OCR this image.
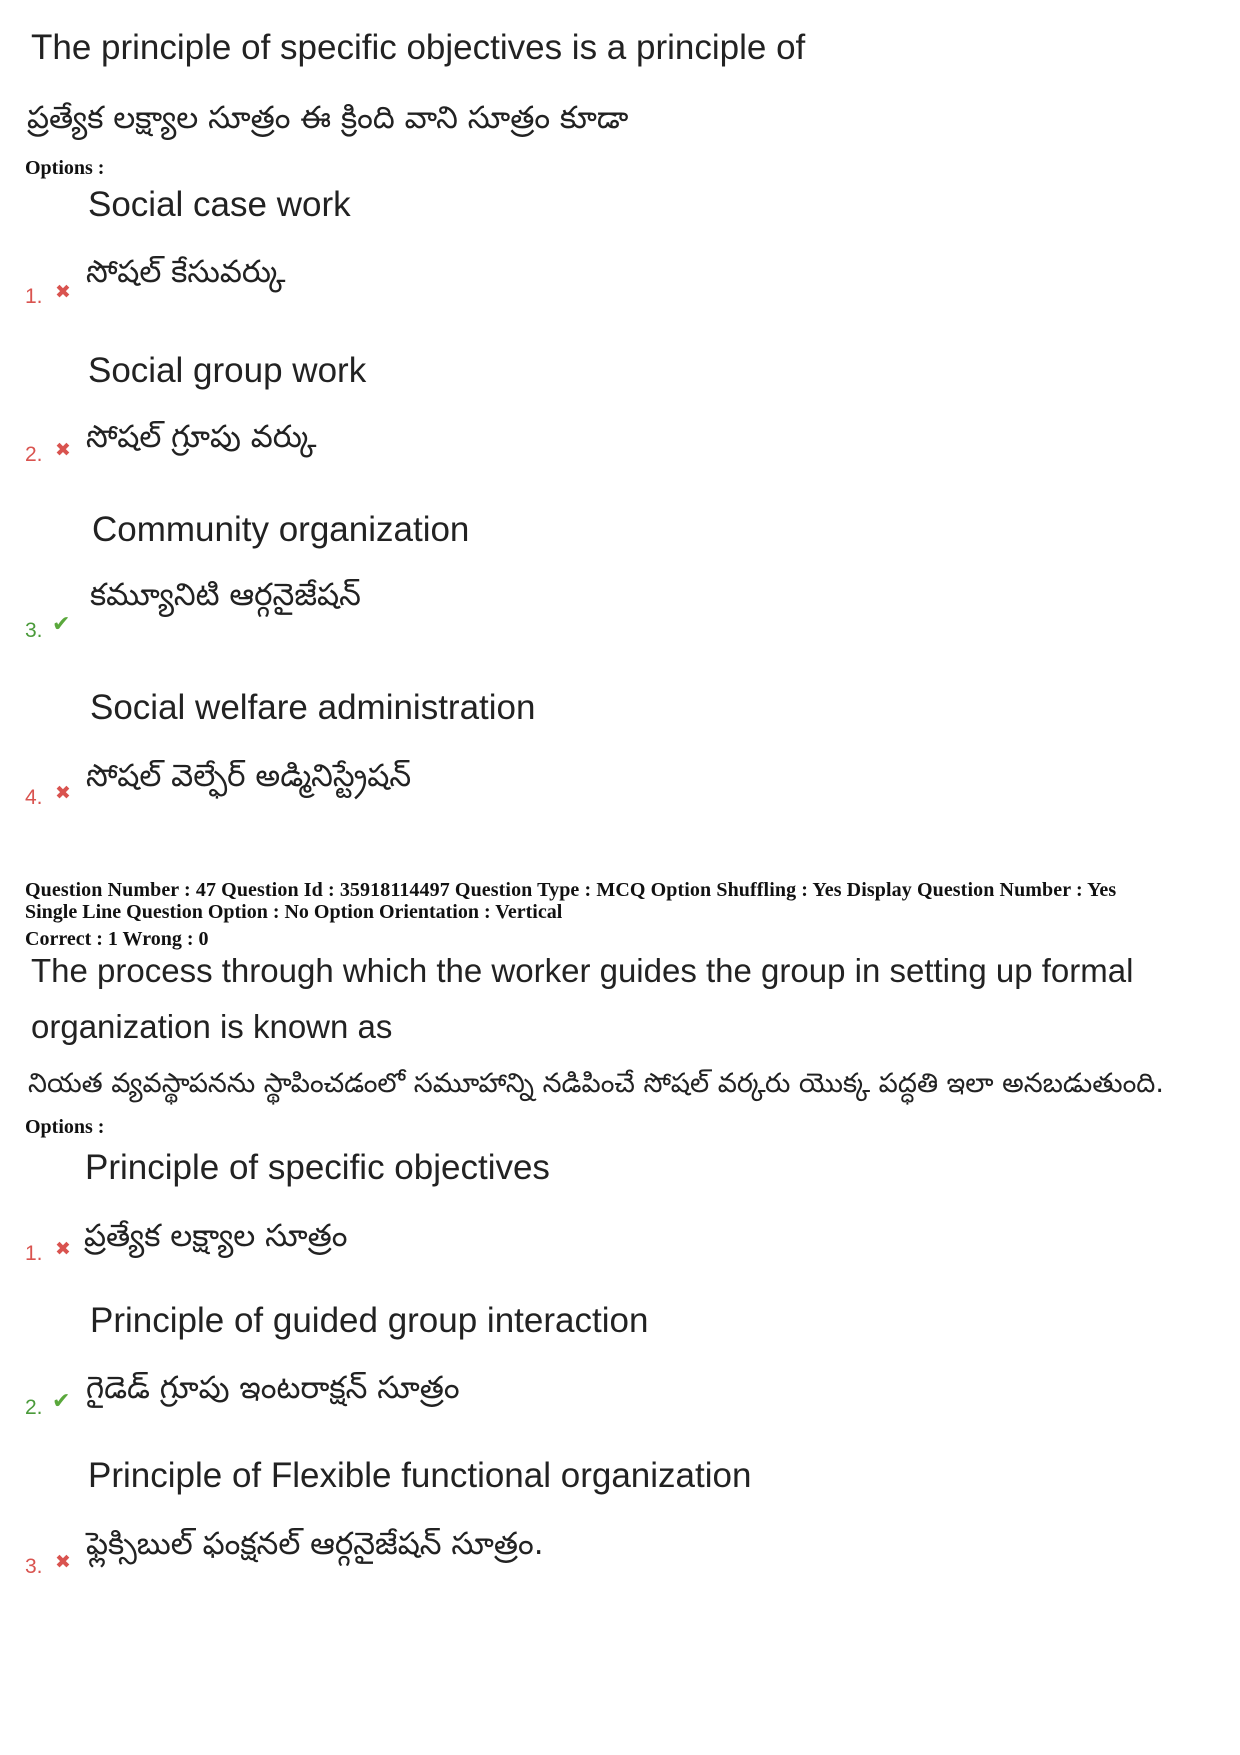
The principle of specific objectives is a principle of
ప్రత్యేక లక్ష్యాల సూత్రం ఈ క్రింది వాని సూత్రం కూడా
Options :
Social case work
సోషల్ కేసువర్కు
1. ✖
Social group work
సోషల్ గ్రూపు వర్కు
2. ✖
Community organization
కమ్యూనిటి ఆర్గనైజేషన్
3. ✔
Social welfare administration
సోషల్ వెల్ఫేర్ అడ్మినిస్ట్రేషన్
4. ✖
Question Number : 47 Question Id : 35918114497 Question Type : MCQ Option Shuffling : Yes Display Question Number : Yes
Single Line Question Option : No Option Orientation : Vertical
Correct : 1 Wrong : 0
The process through which the worker guides the group in setting up formal
organization is known as
నియత వ్యవస్థాపనను స్థాపించడంలో సమూహాన్ని నడిపించే సోషల్ వర్కరు యొక్క పద్ధతి ఇలా అనబడుతుంది.
Options :
Principle of specific objectives
ప్రత్యేక లక్ష్యాల సూత్రం
1. ✖
Principle of guided group interaction
గైడెడ్ గ్రూపు ఇంటరాక్షన్ సూత్రం
2. ✔
Principle of Flexible functional organization
ఫ్లెక్సిబుల్ ఫంక్షనల్ ఆర్గనైజేషన్ సూత్రం.
3. ✖
